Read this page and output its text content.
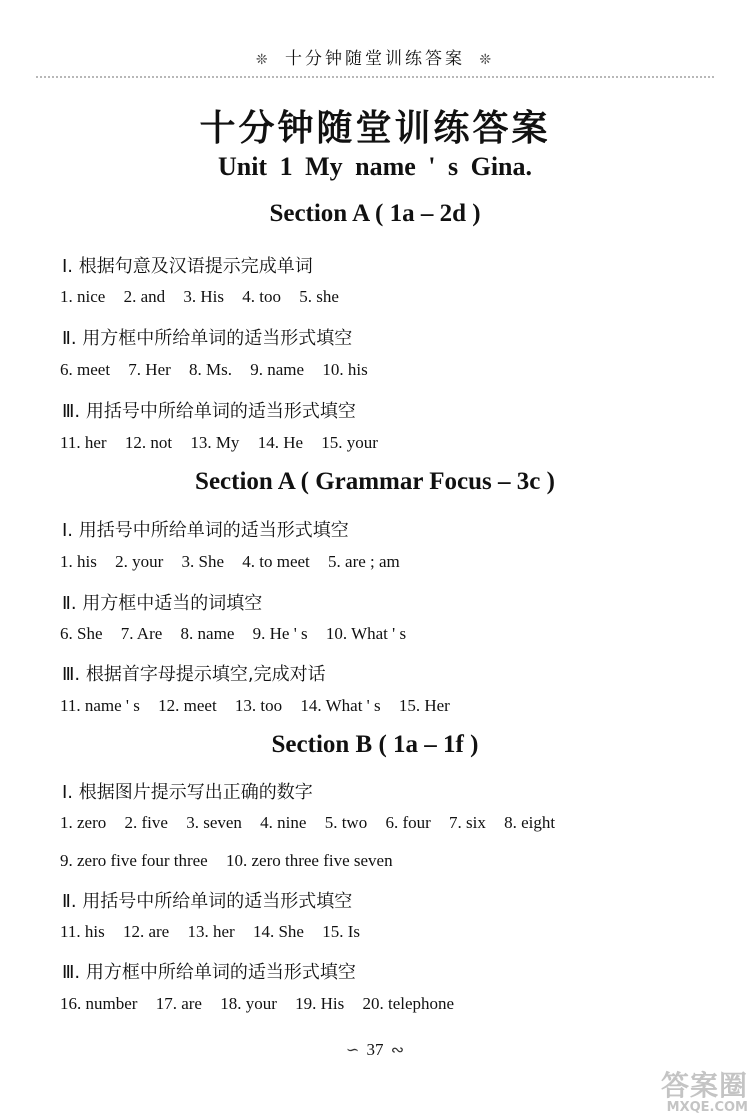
❊ 十分钟随堂训练答案 ❊
十分钟随堂训练答案
Unit 1 My name ' s Gina.
Section A ( 1a – 2d )
Ⅰ. 根据句意及汉语提示完成单词
1. nice 2. and 3. His 4. too 5. she
Ⅱ. 用方框中所给单词的适当形式填空
6. meet 7. Her 8. Ms. 9. name 10. his
Ⅲ. 用括号中所给单词的适当形式填空
11. her 12. not 13. My 14. He 15. your
Section A ( Grammar Focus – 3c )
Ⅰ. 用括号中所给单词的适当形式填空
1. his 2. your 3. She 4. to meet 5. are ; am
Ⅱ. 用方框中适当的词填空
6. She 7. Are 8. name 9. He ' s 10. What ' s
Ⅲ. 根据首字母提示填空,完成对话
11. name ' s 12. meet 13. too 14. What ' s 15. Her
Section B ( 1a – 1f )
Ⅰ. 根据图片提示写出正确的数字
1. zero 2. five 3. seven 4. nine 5. two 6. four 7. six 8. eight
9. zero five four three 10. zero three five seven
Ⅱ. 用括号中所给单词的适当形式填空
11. his 12. are 13. her 14. She 15. Is
Ⅲ. 用方框中所给单词的适当形式填空
16. number 17. are 18. your 19. His 20. telephone
∽ 37 ∾
答案圈
MXQE.COM
